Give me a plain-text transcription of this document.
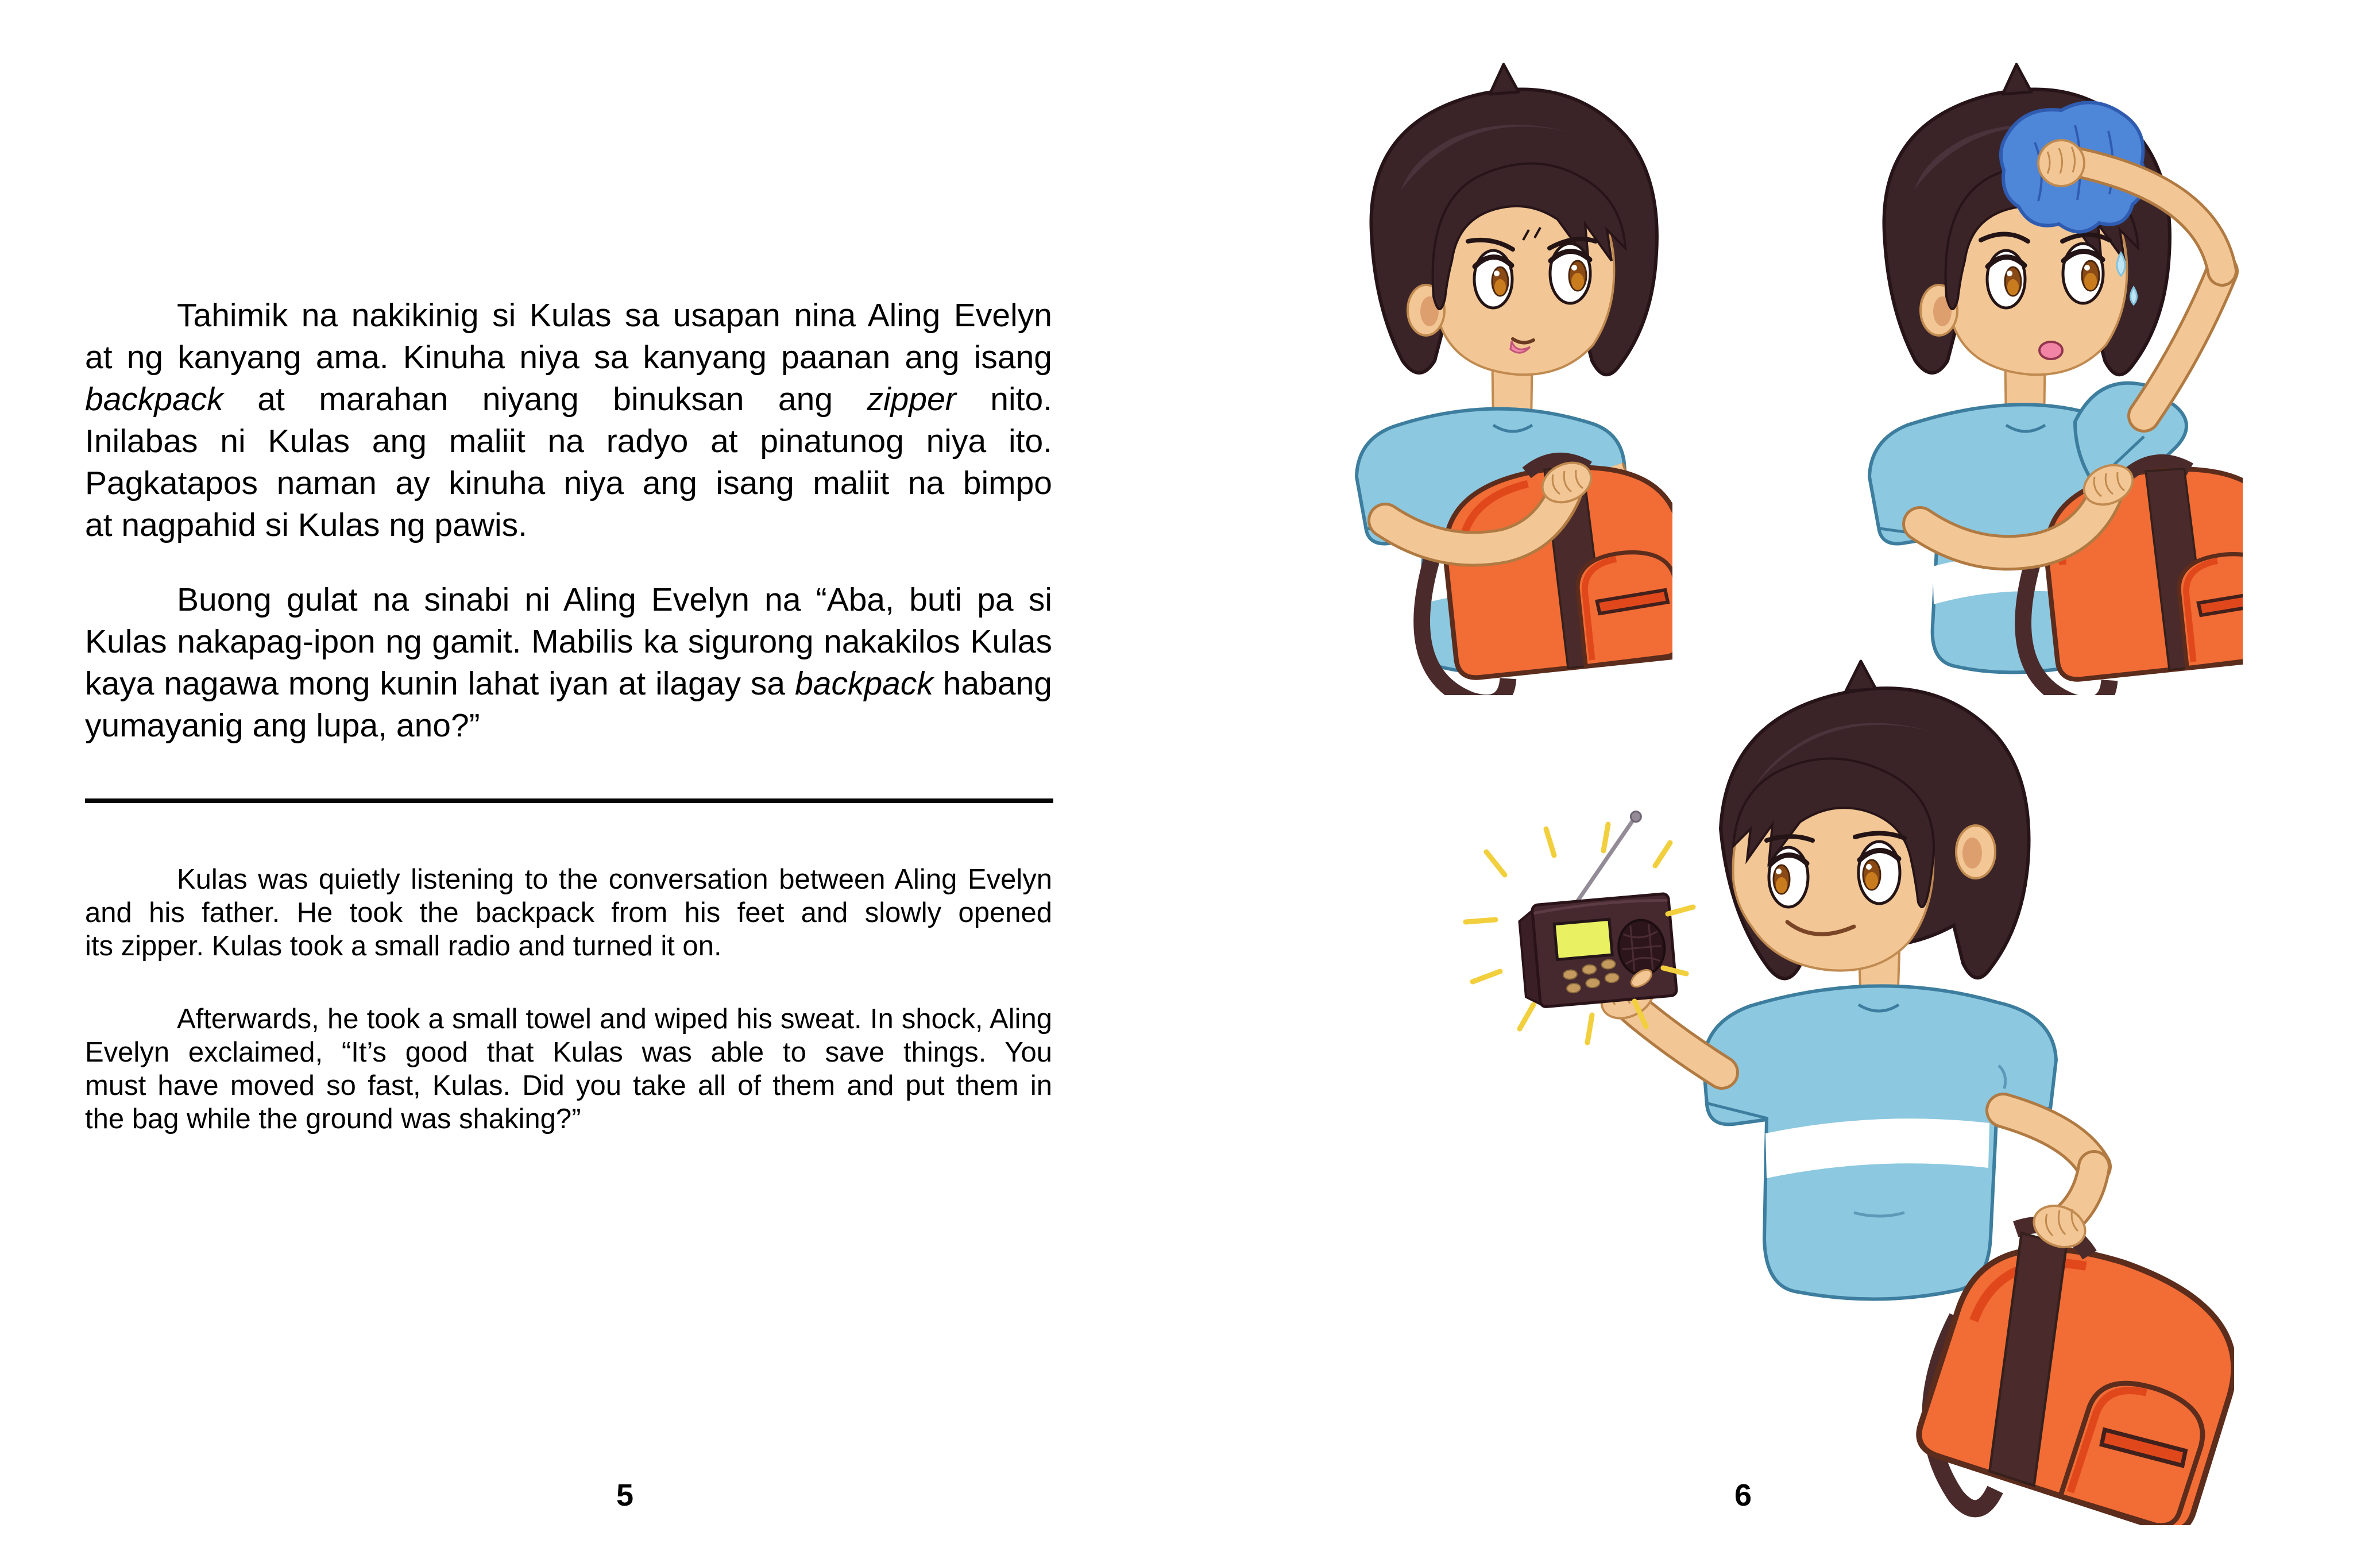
Tahimik na nakikinig si Kulas sa usapan nina Aling Evelyn
at ng kanyang ama. Kinuha niya sa kanyang paanan ang isang
backpack at marahan niyang binuksan ang zipper nito.
Inilabas ni Kulas ang maliit na radyo at pinatunog niya ito.
Pagkatapos naman ay kinuha niya ang isang maliit na bimpo
at nagpahid si Kulas ng pawis.
Buong gulat na sinabi ni Aling Evelyn na “Aba, buti pa si
Kulas nakapag-ipon ng gamit. Mabilis ka sigurong nakakilos Kulas
kaya nagawa mong kunin lahat iyan at ilagay sa backpack habang
yumayanig ang lupa, ano?”
Kulas was quietly listening to the conversation between Aling Evelyn
and his father. He took the backpack from his feet and slowly opened
its zipper. Kulas took a small radio and turned it on.
Afterwards, he took a small towel and wiped his sweat. In shock, Aling
Evelyn exclaimed, “It’s good that Kulas was able to save things. You
must have moved so fast, Kulas. Did you take all of them and put them in
the bag while the ground was shaking?”
5	6
